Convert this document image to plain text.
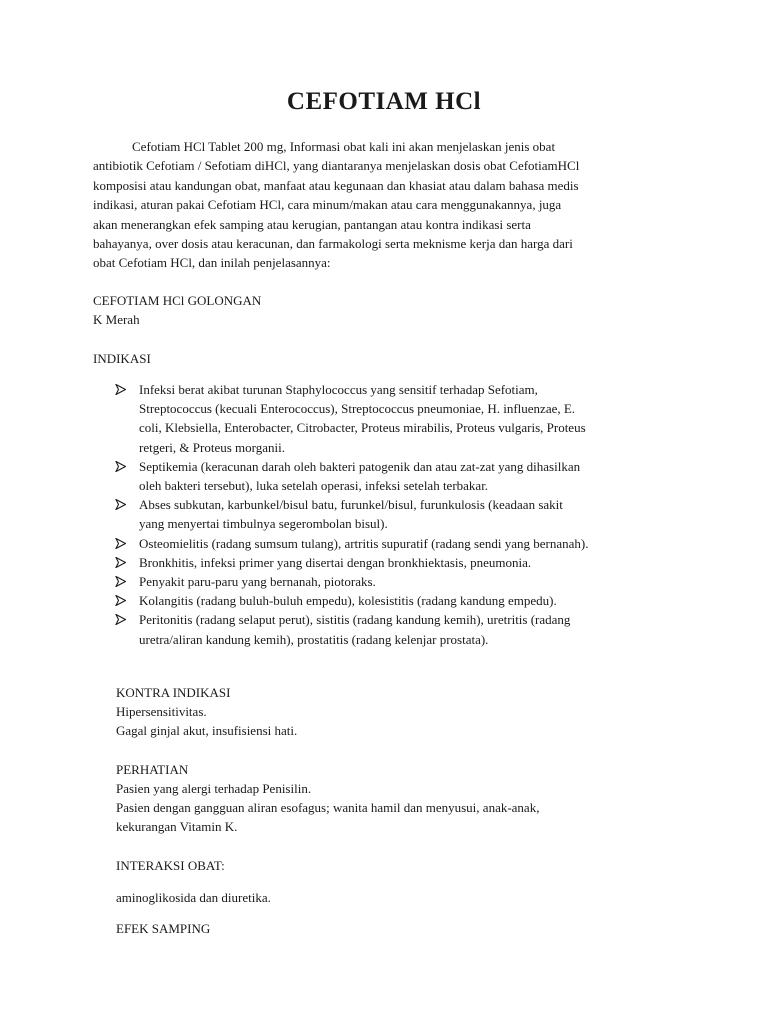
CEFOTIAM HCl

Cefotiam HCl Tablet 200 mg, Informasi obat kali ini akan menjelaskan jenis obat
antibiotik Cefotiam / Sefotiam diHCl, yang diantaranya menjelaskan dosis obat CefotiamHCl
komposisi atau kandungan obat, manfaat atau kegunaan dan khasiat atau dalam bahasa medis
indikasi, aturan pakai Cefotiam HCl, cara minum/makan atau cara menggunakannya, juga
akan menerangkan efek samping atau kerugian, pantangan atau kontra indikasi serta
bahayanya, over dosis atau keracunan, dan farmakologi serta meknisme kerja dan harga dari
obat Cefotiam HCl, dan inilah penjelasannya:

CEFOTIAM HCl GOLONGAN
K Merah
INDIKASI
Infeksi berat akibat turunan Staphylococcus yang sensitif terhadap Sefotiam,
Streptococcus (kecuali Enterococcus), Streptococcus pneumoniae, H. influenzae, E.
coli, Klebsiella, Enterobacter, Citrobacter, Proteus mirabilis, Proteus vulgaris, Proteus
retgeri, & Proteus morganii.
Septikemia (keracunan darah oleh bakteri patogenik dan atau zat-zat yang dihasilkan
oleh bakteri tersebut), luka setelah operasi, infeksi setelah terbakar.
Abses subkutan, karbunkel/bisul batu, furunkel/bisul, furunkulosis (keadaan sakit
yang menyertai timbulnya segerombolan bisul).
Osteomielitis (radang sumsum tulang), artritis supuratif (radang sendi yang bernanah).
Bronkhitis, infeksi primer yang disertai dengan bronkhiektasis, pneumonia.
Penyakit paru-paru yang bernanah, piotoraks.
Kolangitis (radang buluh-buluh empedu), kolesistitis (radang kandung empedu).
Peritonitis (radang selaput perut), sistitis (radang kandung kemih), uretritis (radang
uretra/aliran kandung kemih), prostatitis (radang kelenjar prostata).
KONTRA INDIKASI
Hipersensitivitas.
Gagal ginjal akut, insufisiensi hati.
PERHATIAN
Pasien yang alergi terhadap Penisilin.
Pasien dengan gangguan aliran esofagus; wanita hamil dan menyusui, anak-anak,
kekurangan Vitamin K.
INTERAKSI OBAT:
aminoglikosida dan diuretika.
EFEK SAMPING
